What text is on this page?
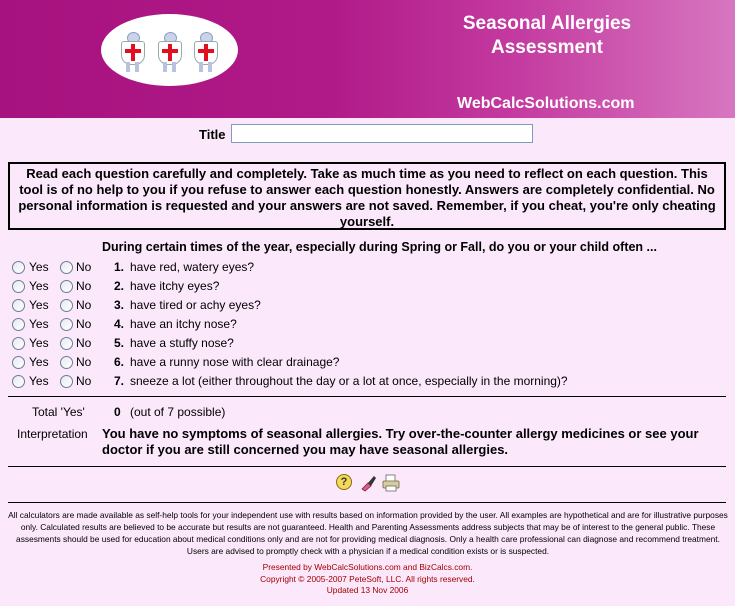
Seasonal Allergies
Assessment
WebCalcSolutions.com
Title
Read each question carefully and completely. Take as much time as you need to reflect on each question. This tool is of no help to you if you refuse to answer each question honestly. Answers are completely confidential. No personal information is requested and your answers are not saved. Remember, if you cheat, you're only cheating yourself.
During certain times of the year, especially during Spring or Fall, do you or your child often ...
Yes No 1. have red, watery eyes?
Yes No 2. have itchy eyes?
Yes No 3. have tired or achy eyes?
Yes No 4. have an itchy nose?
Yes No 5. have a stuffy nose?
Yes No 6. have a runny nose with clear drainage?
Yes No 7. sneeze a lot (either throughout the day or a lot at once, especially in the morning)?
Total 'Yes' 0 (out of 7 possible)
Interpretation You have no symptoms of seasonal allergies. Try over-the-counter allergy medicines or see your doctor if you are still concerned you may have seasonal allergies.
?
All calculators are made available as self-help tools for your independent use with results based on information provided by the user. All examples are hypothetical and are for illustrative purposes only. Calculated results are believed to be accurate but results are not guaranteed. Health and Parenting Assessments address subjects that may be of interest to the general public. These assesments should be used for education about medical conditions only and are not for providing medical diagnosis. Only a health care professional can diagnose and recommend treatment. Users are advised to promptly check with a physician if a medical condition exists or is suspected.
Presented by WebCalcSolutions.com and BizCalcs.com.
Copyright © 2005-2007 PeteSoft, LLC. All rights reserved.
Updated 13 Nov 2006
